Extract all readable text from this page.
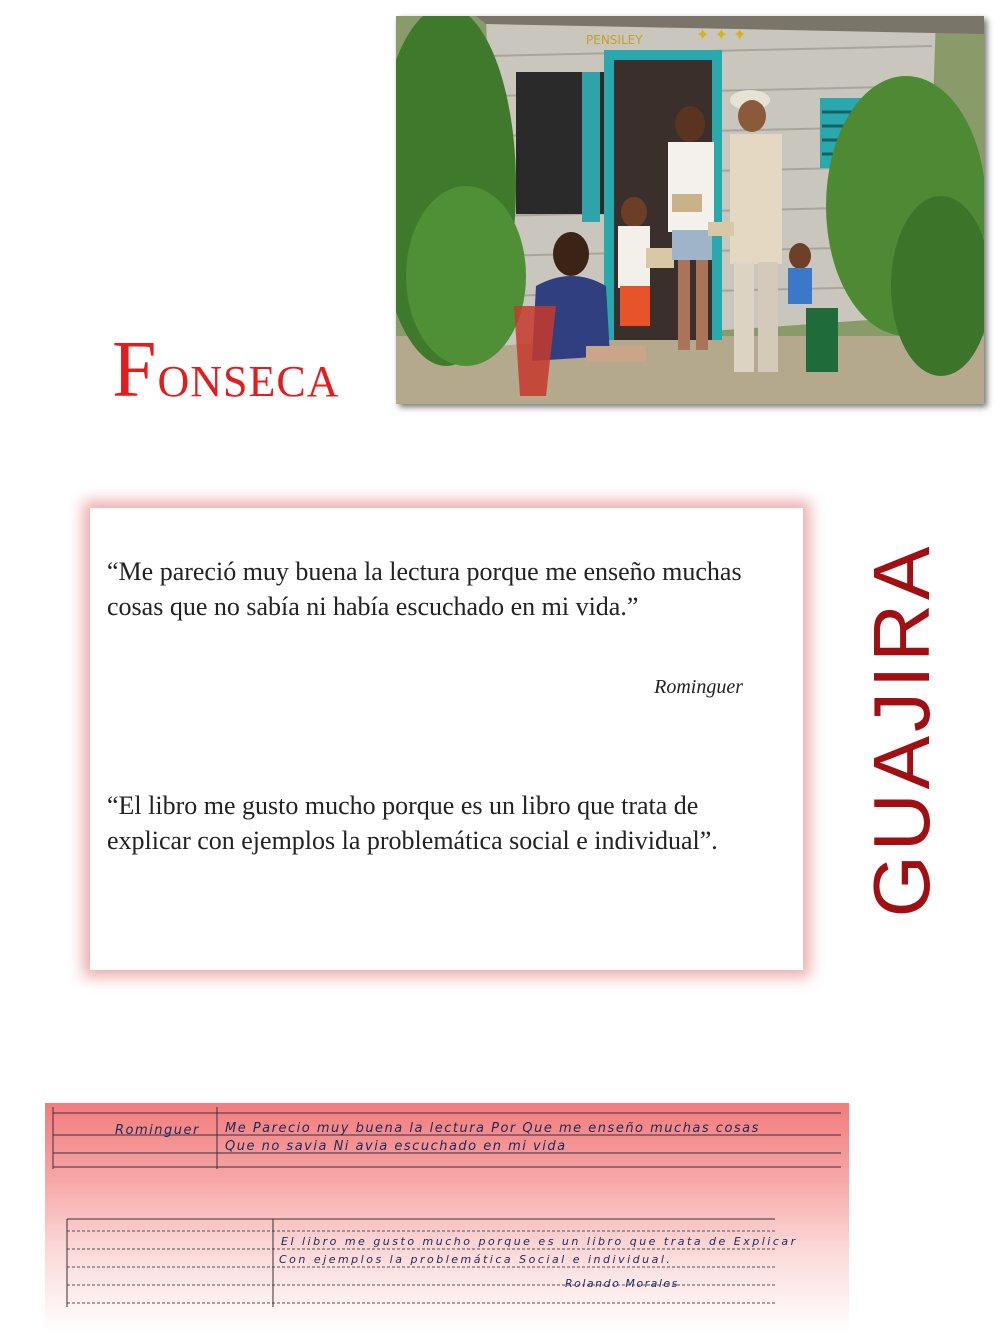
FONSECA
PENSILEY	✦ ✦ ✦
“Me pareció muy buena la lectura porque me enseño muchas cosas que no sabía ni había escuchado en mi vida.”
Rominguer
“El libro me gusto mucho porque es un libro que trata de explicar con ejemplos la problemática social e individual”.	GUAJIRA
Rominguer Me Parecio muy buena la lectura Por Que me enseño muchas cosas
Que no savia Ni avia escuchado en mi vida
El libro me gusto mucho porque es un libro que trata de Explicar
Con ejemplos la problemática Social e individual.
Rolando Morales
